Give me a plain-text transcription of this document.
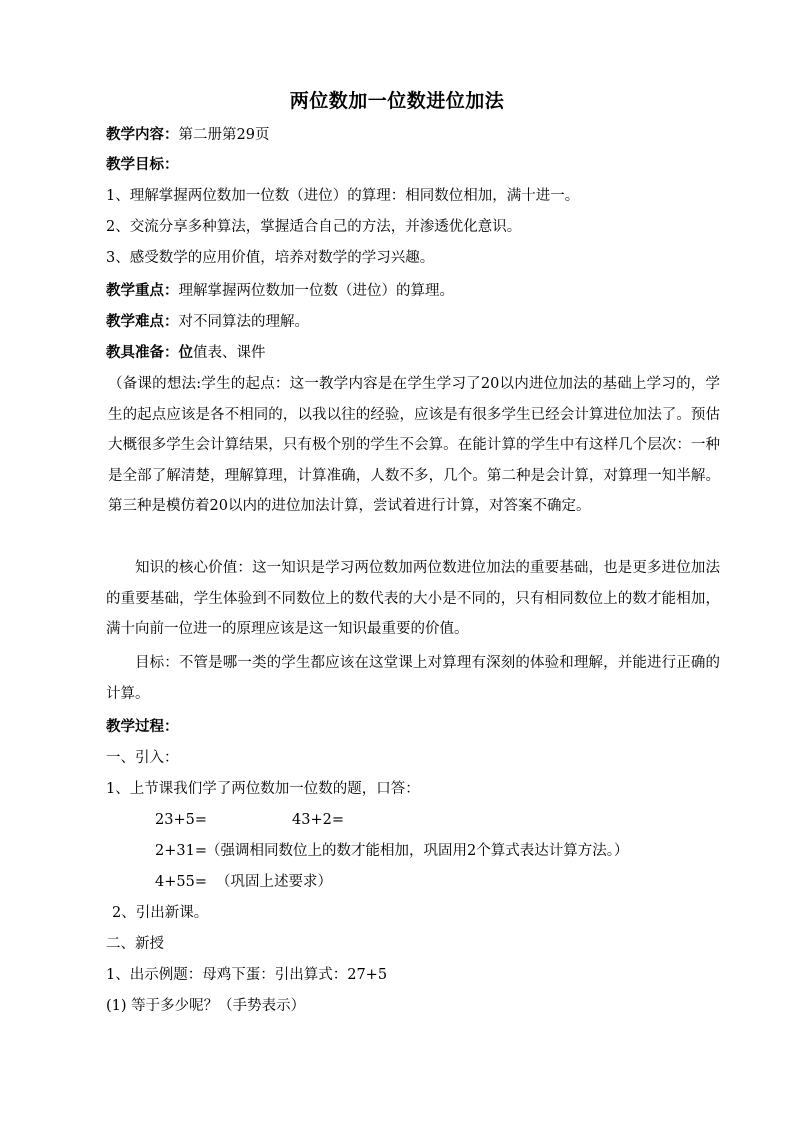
两位数加一位数进位加法
教学内容：第二册第29页
教学目标：
1、理解掌握两位数加一位数（进位）的算理：相同数位相加，满十进一。
2、交流分享多种算法，掌握适合自己的方法，并渗透优化意识。
3、感受数学的应用价值，培养对数学的学习兴趣。
教学重点：理解掌握两位数加一位数（进位）的算理。
教学难点：对不同算法的理解。
教具准备：位值表、课件
（备课的想法:学生的起点：这一教学内容是在学生学习了20以内进位加法的基础上学习的，学生的起点应该是各不相同的，以我以往的经验，应该是有很多学生已经会计算进位加法了。预估大概很多学生会计算结果，只有极个别的学生不会算。在能计算的学生中有这样几个层次：一种是全部了解清楚，理解算理，计算准确，人数不多，几个。第二种是会计算，对算理一知半解。第三种是模仿着20以内的进位加法计算，尝试着进行计算，对答案不确定。
知识的核心价值：这一知识是学习两位数加两位数进位加法的重要基础，也是更多进位加法的重要基础，学生体验到不同数位上的数代表的大小是不同的，只有相同数位上的数才能相加，满十向前一位进一的原理应该是这一知识最重要的价值。
目标：不管是哪一类的学生都应该在这堂课上对算理有深刻的体验和理解，并能进行正确的计算。
教学过程：
一、引入：
1、上节课我们学了两位数加一位数的题，口答：
23+5=	43+2=
2+31= （强调相同数位上的数才能相加，巩固用2个算式表达计算方法。）
4+55= （巩固上述要求）
2、引出新课。
二、新授
1、出示例题：母鸡下蛋：引出算式：27+5
(1) 等于多少呢？（手势表示）
